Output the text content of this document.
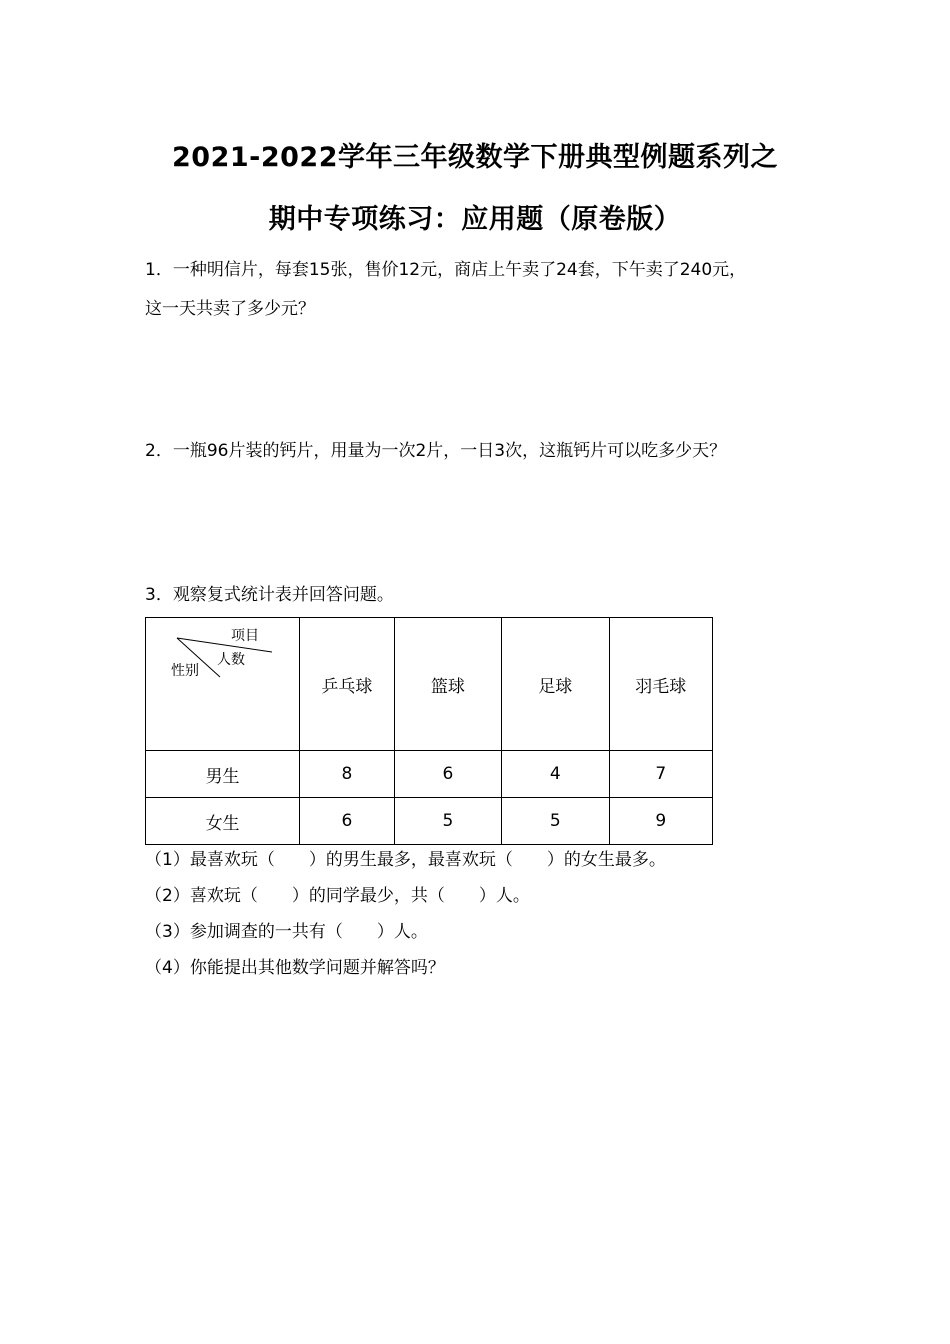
2021-2022学年三年级数学下册典型例题系列之
期中专项练习：应用题（原卷版）
1．一种明信片，每套15张，售价12元，商店上午卖了24套，下午卖了240元，
这一天共卖了多少元？
2．一瓶96片装的钙片，用量为一次2片，一日3次，这瓶钙片可以吃多少天？
3．观察复式统计表并回答问题。
项目
人数
性别	乒乓球	篮球	足球	羽毛球
男生	8	6	4	7
女生	6	5	5	9
（1）最喜欢玩（　　）的男生最多，最喜欢玩（　　）的女生最多。
（2）喜欢玩（　　）的同学最少，共（　　）人。
（3）参加调查的一共有（　　）人。
（4）你能提出其他数学问题并解答吗？
